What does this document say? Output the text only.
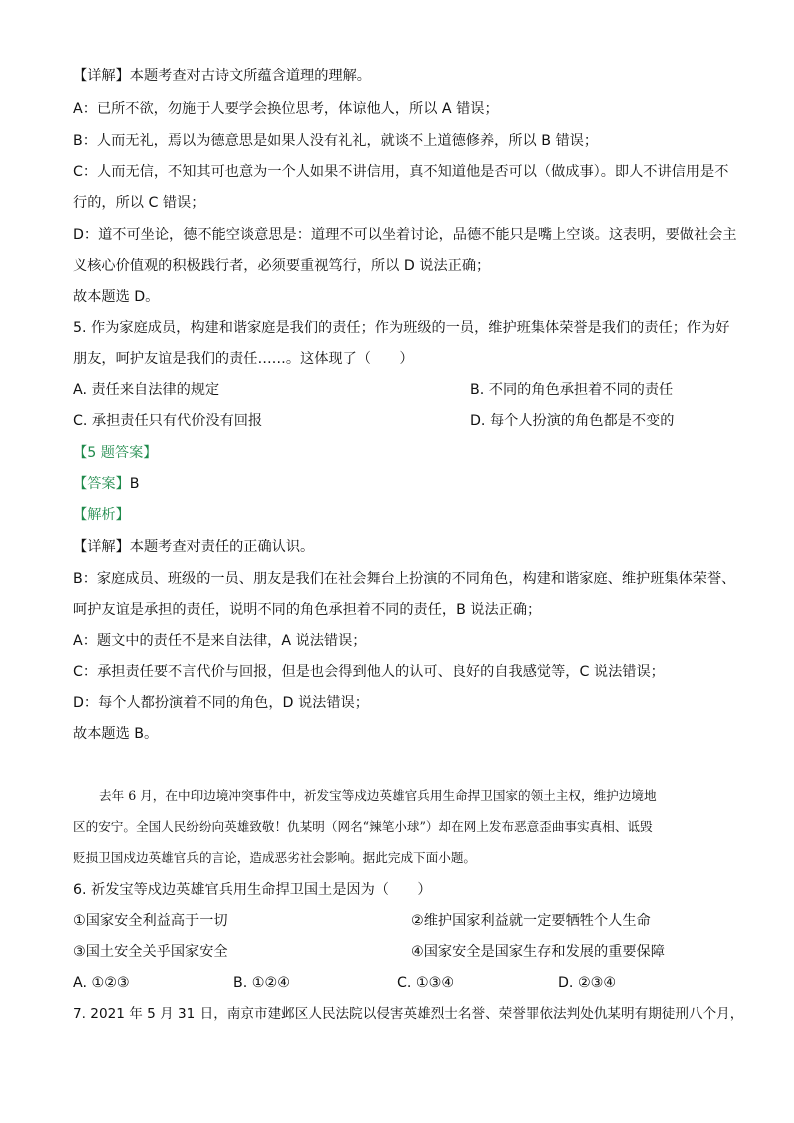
【详解】本题考查对古诗文所蕴含道理的理解。
A：已所不欲，勿施于人要学会换位思考，体谅他人，所以 A 错误；
B：人而无礼，焉以为德意思是如果人没有礼礼，就谈不上道德修养，所以 B 错误；
C：人而无信，不知其可也意为一个人如果不讲信用，真不知道他是否可以（做成事）。即人不讲信用是不
行的，所以 C 错误；
D：道不可坐论，德不能空谈意思是：道理不可以坐着讨论，品德不能只是嘴上空谈。这表明，要做社会主
义核心价值观的积极践行者，必须要重视笃行，所以 D 说法正确；
故本题选 D。
5. 作为家庭成员，构建和谐家庭是我们的责任；作为班级的一员，维护班集体荣誉是我们的责任；作为好
朋友，呵护友谊是我们的责任……。这体现了（　　）
A. 责任来自法律的规定	B. 不同的角色承担着不同的责任
C. 承担责任只有代价没有回报	D. 每个人扮演的角色都是不变的
【5 题答案】
【答案】B
【解析】
【详解】本题考查对责任的正确认识。
B：家庭成员、班级的一员、朋友是我们在社会舞台上扮演的不同角色，构建和谐家庭、维护班集体荣誉、
呵护友谊是承担的责任，说明不同的角色承担着不同的责任，B 说法正确；
A：题文中的责任不是来自法律，A 说法错误；
C：承担责任要不言代价与回报，但是也会得到他人的认可、良好的自我感觉等，C 说法错误；
D：每个人都扮演着不同的角色，D 说法错误；
故本题选 B。
去年 6 月，在中印边境冲突事件中，祈发宝等戍边英雄官兵用生命捍卫国家的领土主权，维护边境地
区的安宁。全国人民纷纷向英雄致敬！仇某明（网名“辣笔小球”）却在网上发布恶意歪曲事实真相、诋毁
贬损卫国戍边英雄官兵的言论，造成恶劣社会影响。据此完成下面小题。
6. 祈发宝等戍边英雄官兵用生命捍卫国土是因为（　　）
①国家安全利益高于一切	②维护国家利益就一定要牺牲个人生命
③国土安全关乎国家安全	④国家安全是国家生存和发展的重要保障
A. ①②③	B. ①②④	C. ①③④	D. ②③④
7. 2021 年 5 月 31 日，南京市建邺区人民法院以侵害英雄烈士名誉、荣誉罪依法判处仇某明有期徒刑八个月，
